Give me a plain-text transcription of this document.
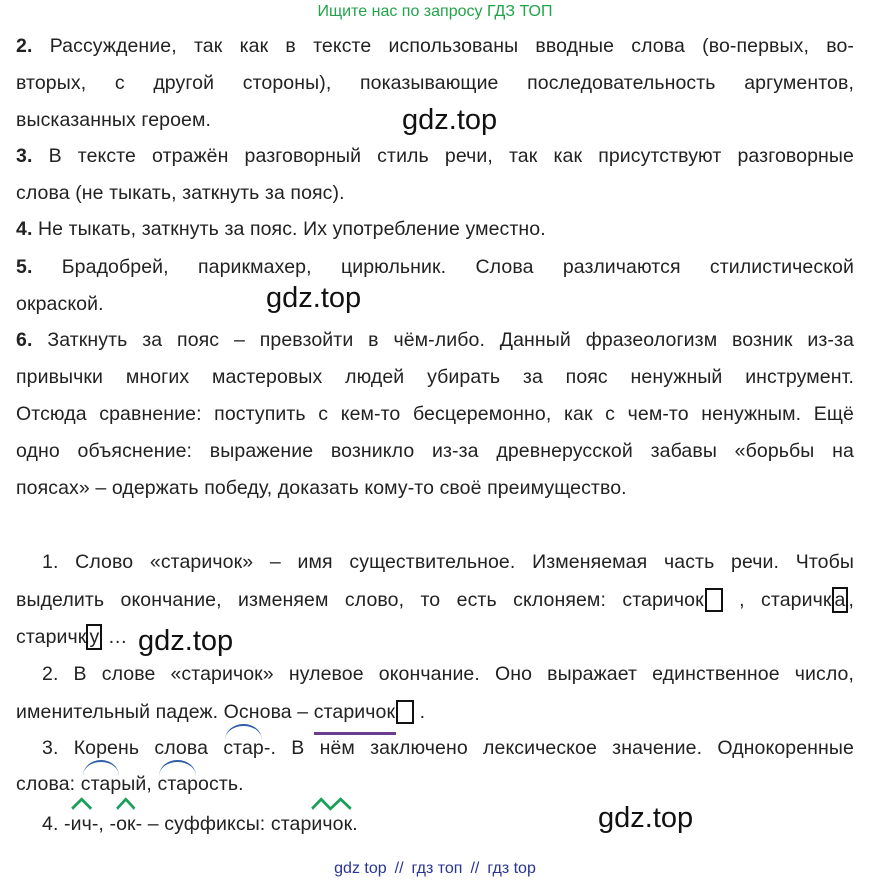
Ищите нас по запросу ГДЗ ТОП
2. Рассуждение, так как в тексте использованы вводные слова (во-первых, во-
вторых, с другой стороны), показывающие последовательность аргументов,
высказанных героем.
3. В тексте отражён разговорный стиль речи, так как присутствуют разговорные
слова (не тыкать, заткнуть за пояс).
4. Не тыкать, заткнуть за пояс. Их употребление уместно.
5. Брадобрей, парикмахер, цирюльник. Слова различаются стилистической
окраской.
6. Заткнуть за пояс – превзойти в чём-либо. Данный фразеологизм возник из-за
привычки многих мастеровых людей убирать за пояс ненужный инструмент.
Отсюда сравнение: поступить с кем-то бесцеремонно, как с чем-то ненужным. Ещё
одно объяснение: выражение возникло из-за древнерусской забавы «борьбы на
поясах» – одержать победу, доказать кому-то своё преимущество.
1. Слово «старичок» – имя существительное. Изменяемая часть речи. Чтобы
выделить окончание, изменяем слово, то есть склоняем: старичок , старичк а ,
старичк у …
2. В слове «старичок» нулевое окончание. Оно выражает единственное число,
именительный падеж. Основа – старичок .
3. Корень слова стар-. В нём заключено лексическое значение. Однокоренные
слова: старый, старость.
4. -
ич-, -
ок- – суффиксы: стар
ичок.
gdz.top
gdz.top
gdz.top
gdz.top
gdz top // гдз топ // гдз top
